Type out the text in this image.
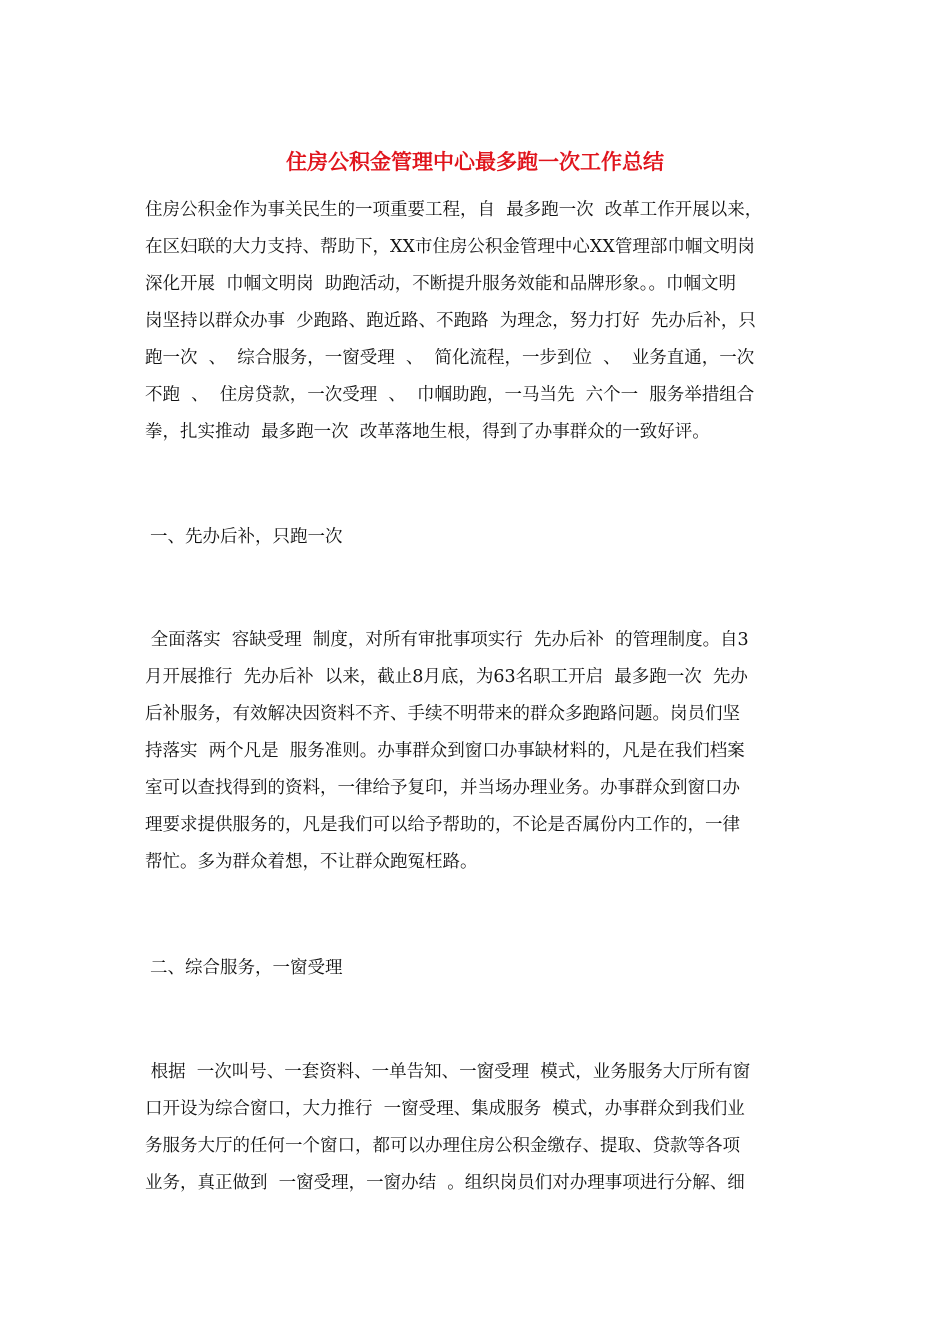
住房公积金管理中心最多跑一次工作总结
住房公积金作为事关民生的一项重要工程，自  最多跑一次  改革工作开展以来，
在区妇联的大力支持、帮助下，XX市住房公积金管理中心XX管理部巾帼文明岗
深化开展  巾帼文明岗  助跑活动，不断提升服务效能和品牌形象。。巾帼文明
岗坚持以群众办事  少跑路、跑近路、不跑路  为理念，努力打好  先办后补，只
跑一次  、  综合服务，一窗受理  、  简化流程，一步到位  、  业务直通，一次
不跑  、  住房贷款，一次受理  、  巾帼助跑，一马当先  六个一  服务举措组合
拳，扎实推动  最多跑一次  改革落地生根，得到了办事群众的一致好评。
一、先办后补，只跑一次
全面落实  容缺受理  制度，对所有审批事项实行  先办后补  的管理制度。自3
月开展推行  先办后补  以来，截止8月底，为63名职工开启  最多跑一次  先办
后补服务，有效解决因资料不齐、手续不明带来的群众多跑路问题。岗员们坚
持落实  两个凡是  服务准则。办事群众到窗口办事缺材料的，凡是在我们档案
室可以查找得到的资料，一律给予复印，并当场办理业务。办事群众到窗口办
理要求提供服务的，凡是我们可以给予帮助的，不论是否属份内工作的，一律
帮忙。多为群众着想，不让群众跑冤枉路。
二、综合服务，一窗受理
根据  一次叫号、一套资料、一单告知、一窗受理  模式，业务服务大厅所有窗
口开设为综合窗口，大力推行  一窗受理、集成服务  模式，办事群众到我们业
务服务大厅的任何一个窗口，都可以办理住房公积金缴存、提取、贷款等各项
业务，真正做到  一窗受理，一窗办结  。组织岗员们对办理事项进行分解、细
